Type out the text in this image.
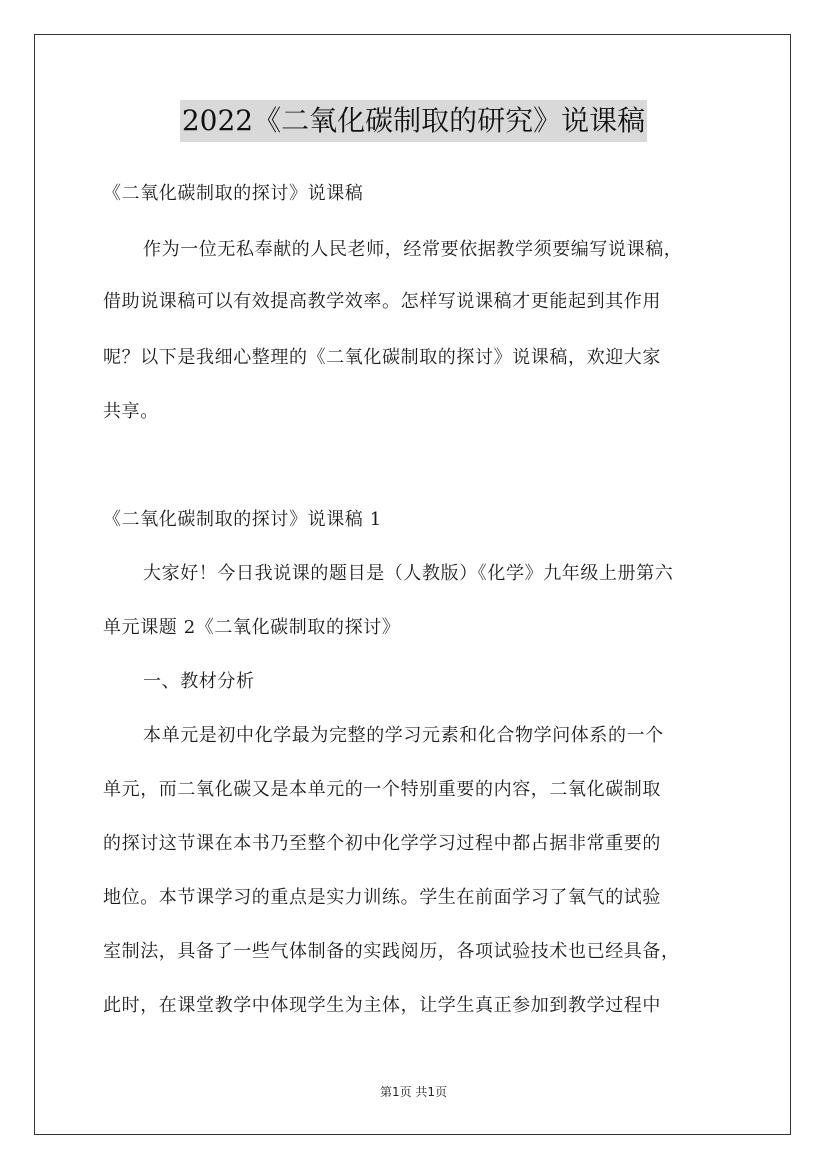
2022《二氧化碳制取的研究》说课稿
《二氧化碳制取的探讨》说课稿
作为一位无私奉献的人民老师，经常要依据教学须要编写说课稿，
借助说课稿可以有效提高教学效率。怎样写说课稿才更能起到其作用
呢？以下是我细心整理的《二氧化碳制取的探讨》说课稿，欢迎大家
共享。
《二氧化碳制取的探讨》说课稿 1
大家好！今日我说课的题目是（人教版）《化学》九年级上册第六
单元课题 2《二氧化碳制取的探讨》
一、教材分析
本单元是初中化学最为完整的学习元素和化合物学问体系的一个
单元，而二氧化碳又是本单元的一个特别重要的内容，二氧化碳制取
的探讨这节课在本书乃至整个初中化学学习过程中都占据非常重要的
地位。本节课学习的重点是实力训练。学生在前面学习了氧气的试验
室制法，具备了一些气体制备的实践阅历，各项试验技术也已经具备，
此时，在课堂教学中体现学生为主体，让学生真正参加到教学过程中
第1页 共1页
